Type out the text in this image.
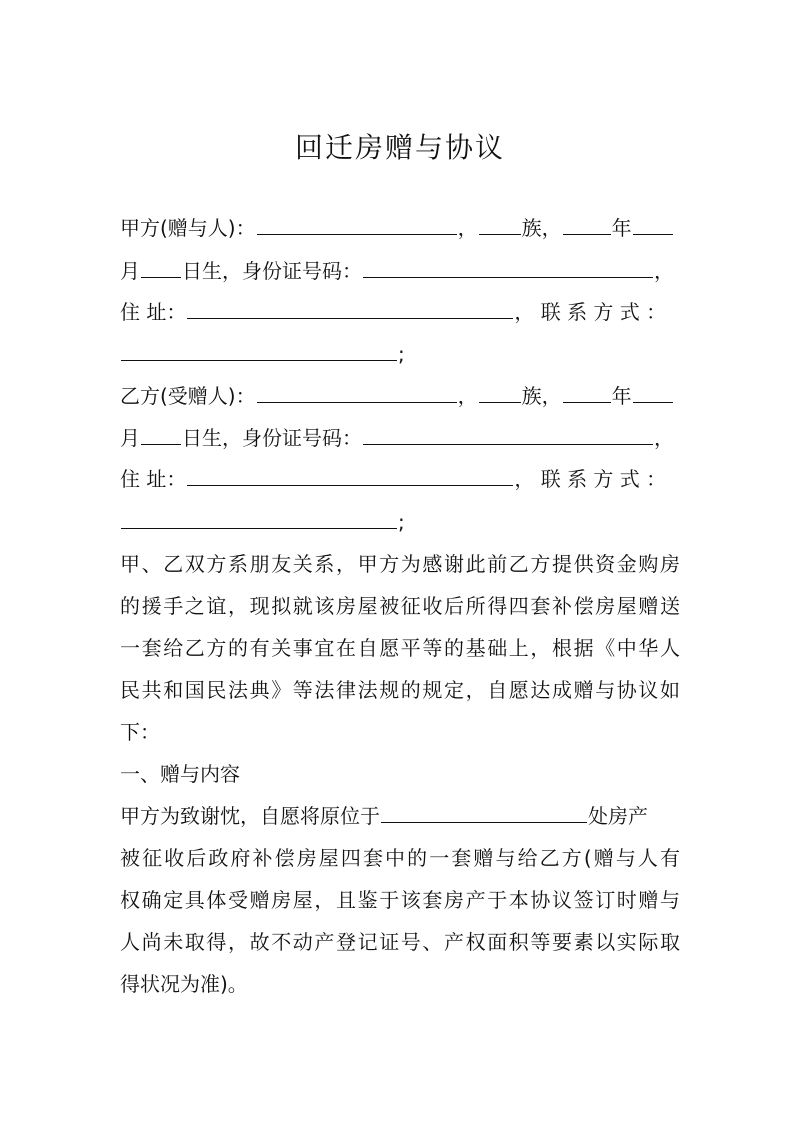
回迁房赠与协议
甲方(赠与人)：	， 族，	年
月 日生，身份证号码：	，
住 址：	， 联 系 方 式 ：
;
乙方(受赠人)：	， 族，	年
月 日生，身份证号码：	，
住 址：	， 联 系 方 式 ：
;
甲、乙双方系朋友关系，甲方为感谢此前乙方提供资金购房
的援手之谊，现拟就该房屋被征收后所得四套补偿房屋赠送
一套给乙方的有关事宜在自愿平等的基础上，根据《中华人
民共和国民法典》等法律法规的规定，自愿达成赠与协议如
下：
一、赠与内容
甲方为致谢忱，自愿将原位于	处房产
被征收后政府补偿房屋四套中的一套赠与给乙方(赠与人有
权确定具体受赠房屋，且鉴于该套房产于本协议签订时赠与
人尚未取得，故不动产登记证号、产权面积等要素以实际取
得状况为准)。
